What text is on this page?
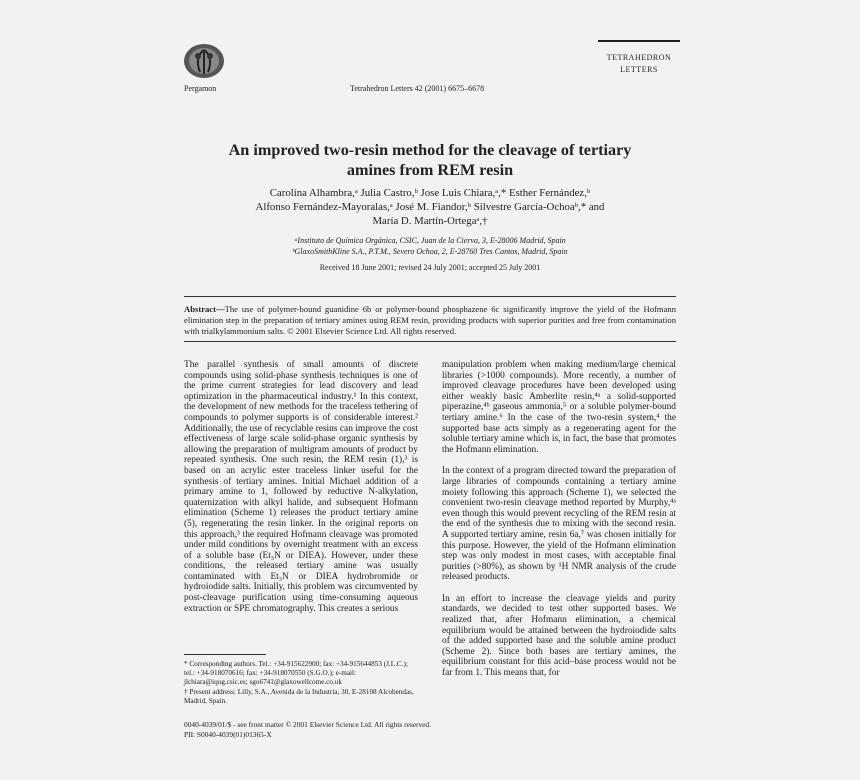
Pergamon	Tetrahedron Letters 42 (2001) 6675–6678
TETRAHEDRON
LETTERS
An improved two-resin method for the cleavage of tertiary
amines from REM resin
Carolina Alhambra,ᵃ Julia Castro,ᵇ Jose Luis Chiara,ᵃ,* Esther Fernández,ᵇ
Alfonso Fernández-Mayoralas,ᵃ José M. Fiandor,ᵇ Silvestre García-Ochoaᵇ,* and
María D. Martín-Ortegaᵃ,†
ᵃInstituto de Química Orgánica, CSIC, Juan de la Cierva, 3, E-28006 Madrid, Spain
ᵇGlaxoSmithKline S.A., P.T.M., Severo Ochoa, 2, E-28760 Tres Cantos, Madrid, Spain
Received 18 June 2001; revised 24 July 2001; accepted 25 July 2001
Abstract—The use of polymer-bound guanidine 6b or polymer-bound phosphazene 6c significantly improve the yield of the Hofmann elimination step in the preparation of tertiary amines using REM resin, providing products with superior purities and free from contamination with trialkylammonium salts. © 2001 Elsevier Science Ltd. All rights reserved.

The parallel synthesis of small amounts of discrete compounds using solid-phase synthesis techniques is one of the prime current strategies for lead discovery and lead optimization in the pharmaceutical industry.¹ In this context, the development of new methods for the traceless tethering of compounds to polymer supports is of considerable interest.² Additionally, the use of recyclable resins can improve the cost effectiveness of large scale solid-phase organic synthesis by allowing the preparation of multigram amounts of product by repeated synthesis. One such resin, the REM resin (1),³ is based on an acrylic ester traceless linker useful for the synthesis of tertiary amines. Initial Michael addition of a primary amine to 1, followed by reductive N-alkylation, quaternization with alkyl halide, and subsequent Hofmann elimination (Scheme 1) releases the product tertiary amine (5), regenerating the resin linker. In the original reports on this approach,³ the required Hofmann cleavage was promoted under mild conditions by overnight treatment with an excess of a soluble base (Et₃N or DIEA). However, under these conditions, the released tertiary amine was usually contaminated with Et₃N or DIEA hydrobromide or hydroiodide salts. Initially, this problem was circumvented by post-cleavage purification using time-consuming aqueous extraction or SPE chromatography. This creates a serious

manipulation problem when making medium/large chemical libraries (>1000 compounds). More recently, a number of improved cleavage procedures have been developed using either weakly basic Amberlite resin,⁴ᵃ a solid-supported piperazine,⁴ᵇ gaseous ammonia,⁵ or a soluble polymer-bound tertiary amine.⁶ In the case of the two-resin system,⁴ the supported base acts simply as a regenerating agent for the soluble tertiary amine which is, in fact, the base that promotes the Hofmann elimination.

In the context of a program directed toward the preparation of large libraries of compounds containing a tertiary amine moiety following this approach (Scheme 1), we selected the convenient two-resin cleavage method reported by Murphy,⁴ᵃ even though this would prevent recycling of the REM resin at the end of the synthesis due to mixing with the second resin. A supported tertiary amine, resin 6a,⁷ was chosen initially for this purpose. However, the yield of the Hofmann elimination step was only modest in most cases, with acceptable final purities (>80%), as shown by ¹H NMR analysis of the crude released products.

In an effort to increase the cleavage yields and purity standards, we decided to test other supported bases. We realized that, after Hofmann elimination, a chemical equilibrium would be attained between the hydroiodide salts of the added supported base and the soluble amine product (Scheme 2). Since both bases are tertiary amines, the equilibrium constant for this acid–base process would not be far from 1. This means that, for

* Corresponding authors. Tel.: +34-915622900; fax: +34-915644853 (J.L.C.); tel.: +34-918070616; fax: +34-918070550 (S.G.O.); e-mail: jlchiara@iqog.csic.es; sgo6741@glaxowellcome.co.uk
† Present address: Lilly, S.A., Avenida de la Industria, 30, E-28108 Alcobendas, Madrid, Spain.
0040-4039/01/$ - see front matter © 2001 Elsevier Science Ltd. All rights reserved.
PII: S0040-4039(01)01365-X
